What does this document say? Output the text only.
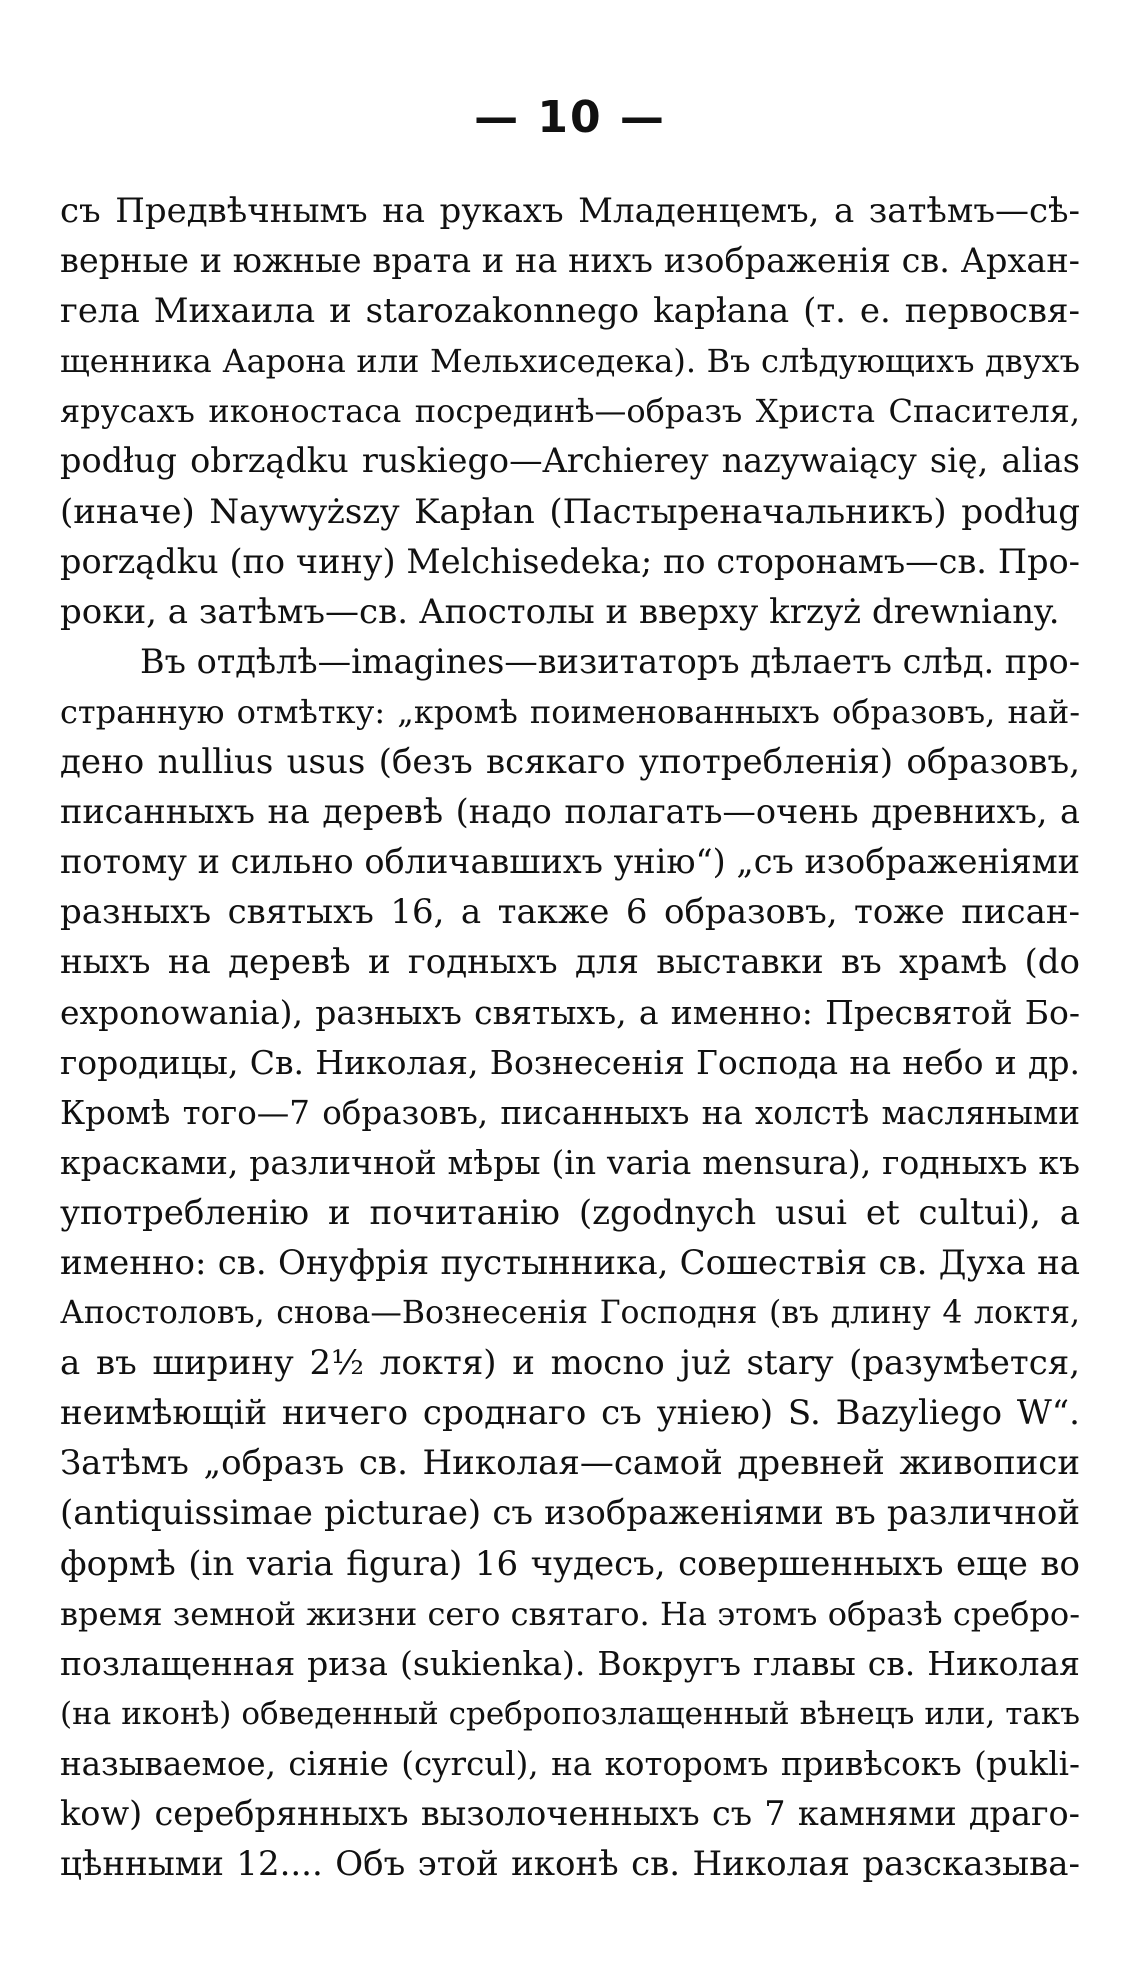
— 10 —
съ Предвѣчнымъ на рукахъ Младенцемъ, а затѣмъ—сѣ-
верные и южные врата и на нихъ изображенія св. Архан-
гела Михаила и starozakonnego kapłana (т. е. первосвя-
щенника Аарона или Мельхиседека). Въ слѣдующихъ двухъ
ярусахъ иконостаса посрединѣ—образъ Христа Спасителя,
podług obrządku ruskiego—Archierey nazywaiący się, alias
(иначе) Naywyższy Kapłan (Пастыреначальникъ) podług
porządku (по чину) Melchisedeka; по сторонамъ—св. Про-
роки, а затѣмъ—св. Апостолы и вверху krzyż drewniany.
Въ отдѣлѣ—imagines—визитаторъ дѣлаетъ слѣд. про-
странную отмѣтку: „кромѣ поименованныхъ образовъ, най-
дено nullius usus (безъ всякаго употребленія) образовъ,
писанныхъ на деревѣ (надо полагать—очень древнихъ, а
потому и сильно обличавшихъ унію“) „съ изображеніями
разныхъ святыхъ 16, а также 6 образовъ, тоже писан-
ныхъ на деревѣ и годныхъ для выставки въ храмѣ (do
exponowania), разныхъ святыхъ, а именно: Пресвятой Бо-
городицы, Св. Николая, Вознесенія Господа на небо и др.
Кромѣ того—7 образовъ, писанныхъ на холстѣ масляными
красками, различной мѣры (in varia mensura), годныхъ къ
употребленію и почитанію (zgodnych usui et cultui), а
именно: св. Онуфрія пустынника, Сошествія св. Духа на
Апостоловъ, снова—Вознесенія Господня (въ длину 4 локтя,
а въ ширину 2½ локтя) и mocno już stary (разумѣется,
неимѣющій ничего сроднаго съ уніею) S. Bazyliego W“.
Затѣмъ „образъ св. Николая—самой древней живописи
(antiquissimae picturae) съ изображеніями въ различной
формѣ (in varia figura) 16 чудесъ, совершенныхъ еще во
время земной жизни сего святаго. На этомъ образѣ сребро-
позлащенная риза (sukienka). Вокругъ главы св. Николая
(на иконѣ) обведенный сребропозлащенный вѣнецъ или, такъ
называемое, сіяніе (cyrcul), на которомъ привѣсокъ (pukli-
kow) серебрянныхъ вызолоченныхъ съ 7 камнями драго-
цѣнными 12.... Объ этой иконѣ св. Николая разсказыва-
